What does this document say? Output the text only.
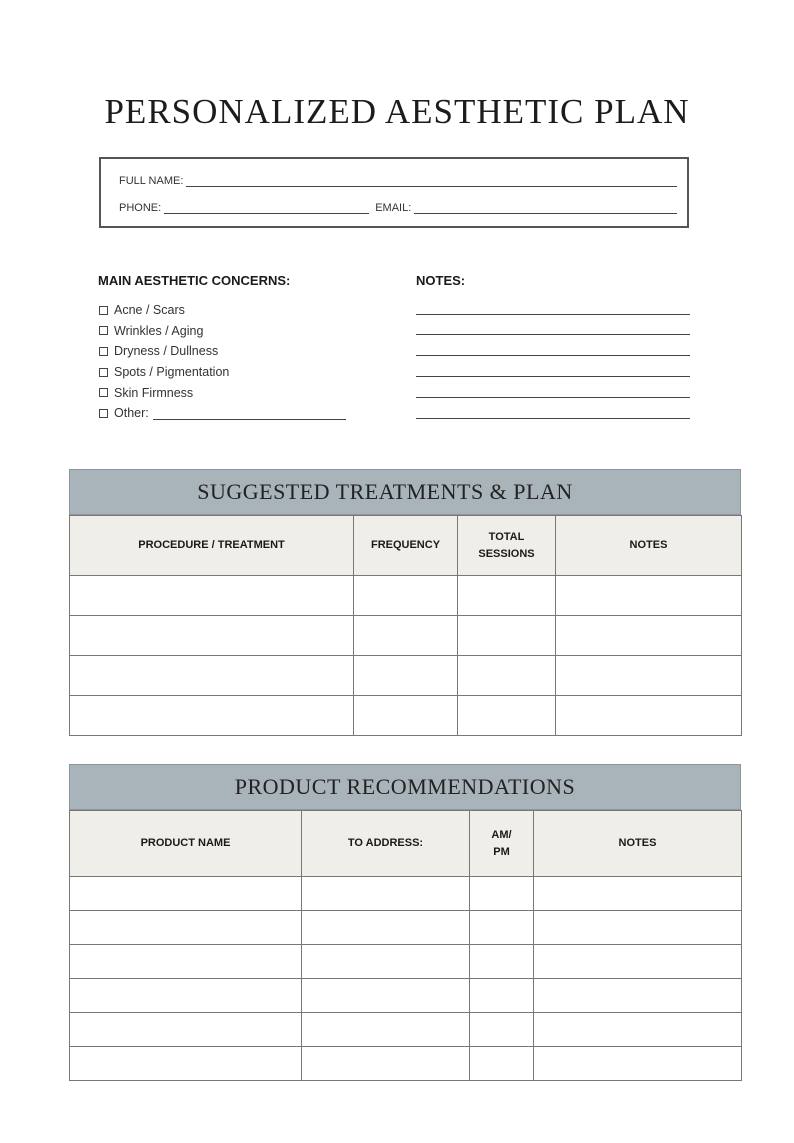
PERSONALIZED AESTHETIC PLAN
FULL NAME:
PHONE:	EMAIL:
MAIN AESTHETIC CONCERNS:	NOTES:
Acne / Scars
Wrinkles / Aging
Dryness / Dullness
Spots / Pigmentation
Skin Firmness
Other:
SUGGESTED TREATMENTS & PLAN
PROCEDURE / TREATMENT	FREQUENCY	TOTAL SESSIONS	NOTES

PRODUCT RECOMMENDATIONS
PRODUCT NAME	TO ADDRESS:	AM/ PM	NOTES
